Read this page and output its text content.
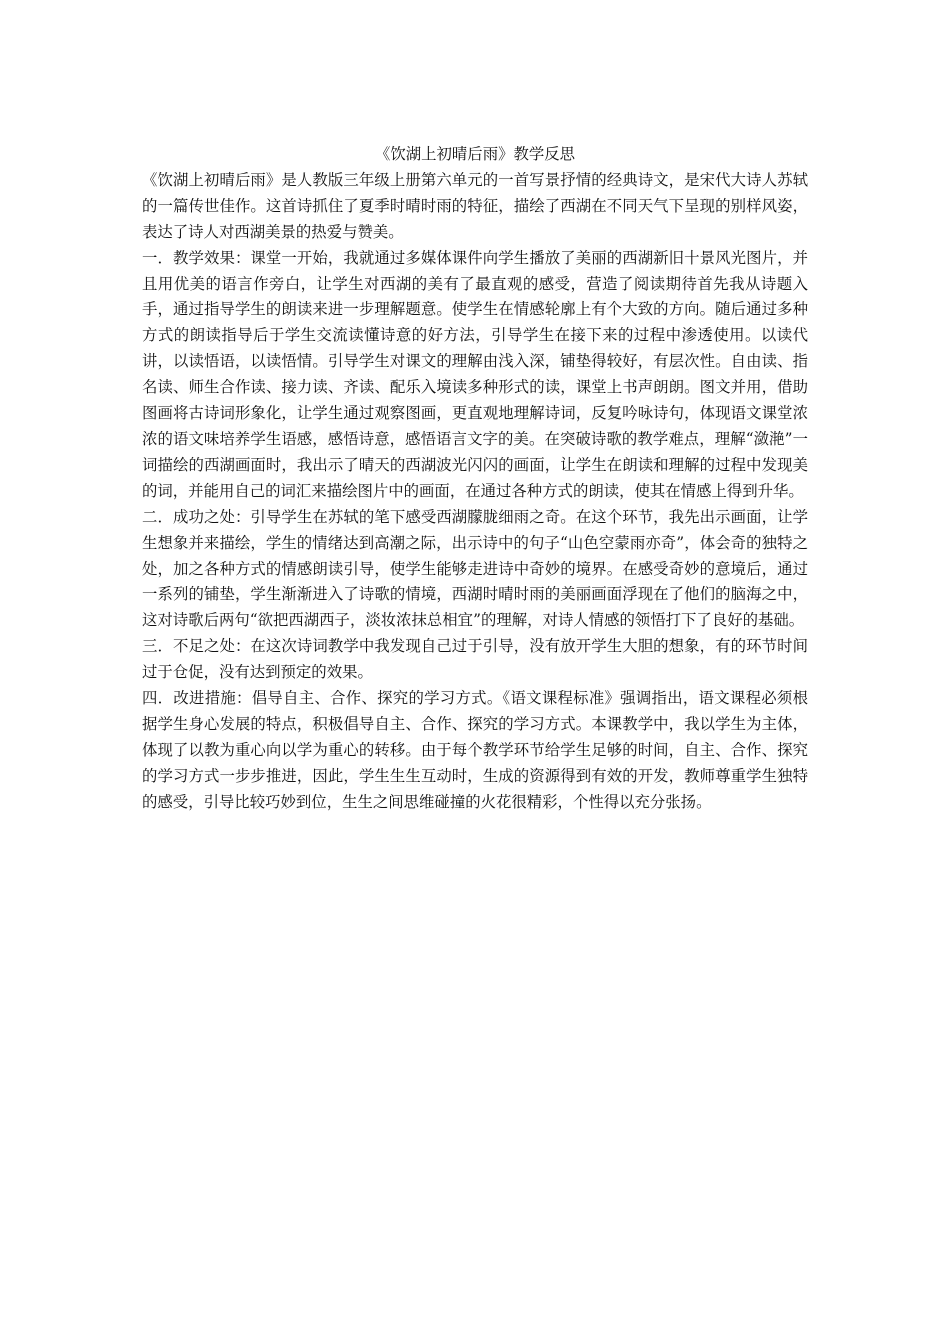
《饮湖上初晴后雨》教学反思

《饮湖上初晴后雨》是人教版三年级上册第六单元的一首写景抒情的经典诗文，是宋代大诗人苏轼的一篇传世佳作。这首诗抓住了夏季时晴时雨的特征，描绘了西湖在不同天气下呈现的别样风姿，表达了诗人对西湖美景的热爱与赞美。

一．教学效果：课堂一开始，我就通过多媒体课件向学生播放了美丽的西湖新旧十景风光图片，并且用优美的语言作旁白，让学生对西湖的美有了最直观的感受，营造了阅读期待首先我从诗题入手，通过指导学生的朗读来进一步理解题意。使学生在情感轮廓上有个大致的方向。随后通过多种方式的朗读指导后于学生交流读懂诗意的好方法，引导学生在接下来的过程中渗透使用。以读代讲，以读悟语，以读悟情。引导学生对课文的理解由浅入深，铺垫得较好，有层次性。自由读、指名读、师生合作读、接力读、齐读、配乐入境读多种形式的读，课堂上书声朗朗。图文并用，借助图画将古诗词形象化，让学生通过观察图画，更直观地理解诗词，反复吟咏诗句，体现语文课堂浓浓的语文味培养学生语感，感悟诗意，感悟语言文字的美。在突破诗歌的教学难点，理解“潋滟”一词描绘的西湖画面时，我出示了晴天的西湖波光闪闪的画面，让学生在朗读和理解的过程中发现美的词，并能用自己的词汇来描绘图片中的画面，在通过各种方式的朗读，使其在情感上得到升华。

二．成功之处：引导学生在苏轼的笔下感受西湖朦胧细雨之奇。在这个环节，我先出示画面，让学生想象并来描绘，学生的情绪达到高潮之际，出示诗中的句子“山色空蒙雨亦奇”，体会奇的独特之处，加之各种方式的情感朗读引导，使学生能够走进诗中奇妙的境界。在感受奇妙的意境后，通过一系列的铺垫，学生渐渐进入了诗歌的情境，西湖时晴时雨的美丽画面浮现在了他们的脑海之中，这对诗歌后两句“欲把西湖西子，淡妆浓抹总相宜”的理解，对诗人情感的领悟打下了良好的基础。

三．不足之处：在这次诗词教学中我发现自己过于引导，没有放开学生大胆的想象，有的环节时间过于仓促，没有达到预定的效果。

四．改进措施：倡导自主、合作、探究的学习方式。《语文课程标准》强调指出，语文课程必须根据学生身心发展的特点，积极倡导自主、合作、探究的学习方式。本课教学中，我以学生为主体，体现了以教为重心向以学为重心的转移。由于每个教学环节给学生足够的时间，自主、合作、探究的学习方式一步步推进，因此，学生生生互动时，生成的资源得到有效的开发，教师尊重学生独特的感受，引导比较巧妙到位，生生之间思维碰撞的火花很精彩，个性得以充分张扬。
